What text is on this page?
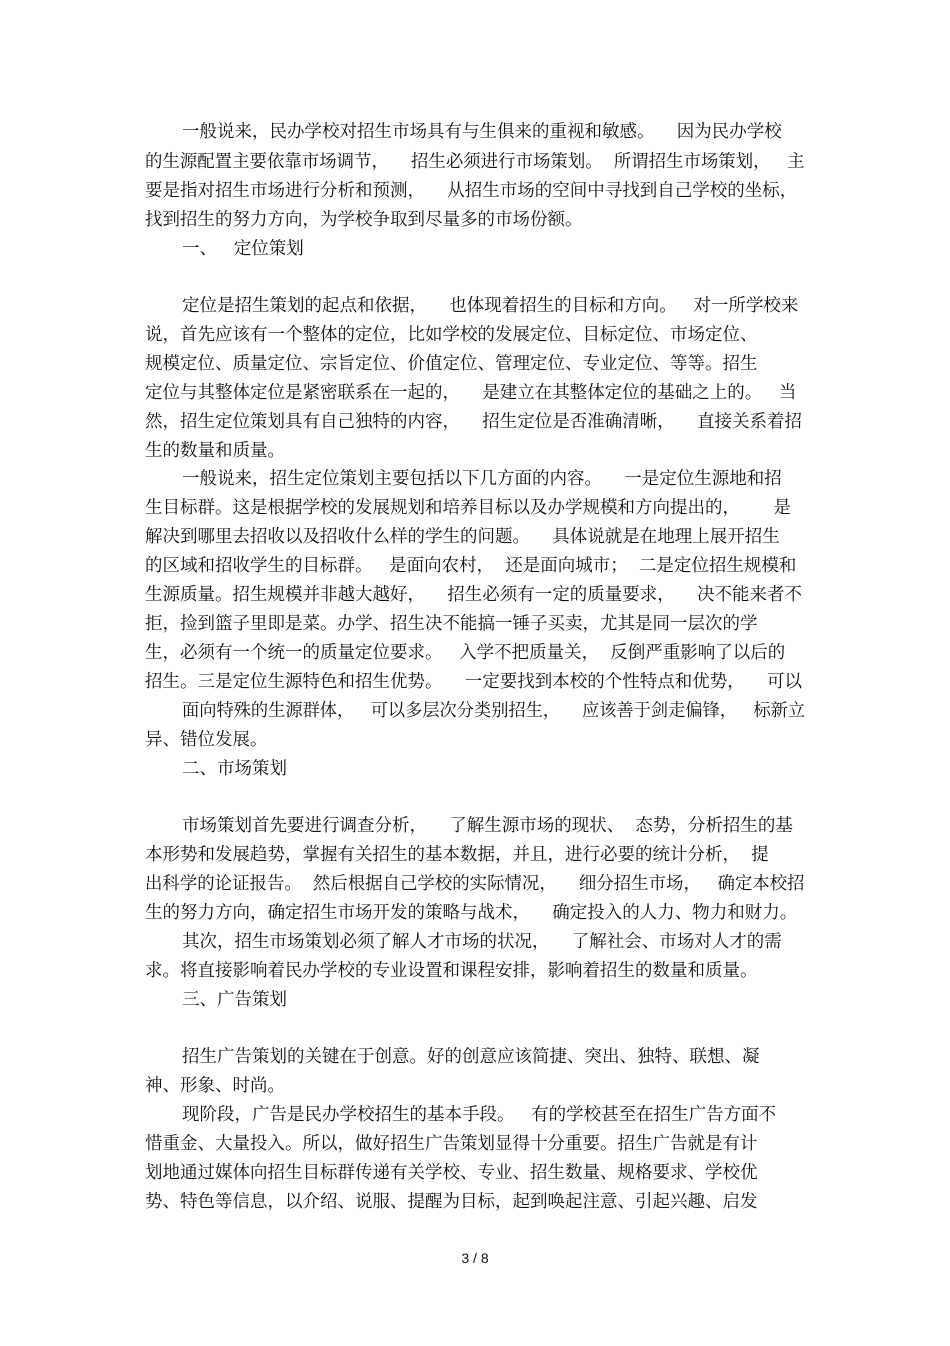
一般说来，民办学校对招生市场具有与生俱来的重视和敏感。    因为民办学校

的生源配置主要依靠市场调节，    招生必须进行市场策划。  所谓招生市场策划，   主

要是指对招生市场进行分析和预测，    从招生市场的空间中寻找到自己学校的坐标，

找到招生的努力方向，为学校争取到尽量多的市场份额。

一、   定位策划

定位是招生策划的起点和依据，    也体现着招生的目标和方向。   对一所学校来

说，首先应该有一个整体的定位，比如学校的发展定位、目标定位、市场定位、

规模定位、质量定位、宗旨定位、价值定位、管理定位、专业定位、等等。招生

定位与其整体定位是紧密联系在一起的，    是建立在其整体定位的基础之上的。   当

然，招生定位策划具有自己独特的内容，    招生定位是否准确清晰，    直接关系着招

生的数量和质量。

一般说来，招生定位策划主要包括以下几方面的内容。    一是定位生源地和招

生目标群。这是根据学校的发展规划和培养目标以及办学规模和方向提出的，      是

解决到哪里去招收以及招收什么样的学生的问题。    具体说就是在地理上展开招生

的区域和招收学生的目标群。   是面向农村，  还是面向城市；  二是定位招生规模和

生源质量。招生规模并非越大越好，    招生必须有一定的质量要求，    决不能来者不

拒，捡到篮子里即是菜。办学、招生决不能搞一锤子买卖，尤其是同一层次的学

生，必须有一个统一的质量定位要求。   入学不把质量关，  反倒严重影响了以后的

招生。三是定位生源特色和招生优势。    一定要找到本校的个性特点和优势，    可以

面向特殊的生源群体，   可以多层次分类别招生，    应该善于剑走偏锋，   标新立

异、错位发展。

二、市场策划

市场策划首先要进行调查分析，    了解生源市场的现状、  态势，分析招生的基

本形势和发展趋势，掌握有关招生的基本数据，并且，进行必要的统计分析，  提

出科学的论证报告。  然后根据自己学校的实际情况，    细分招生市场，   确定本校招

生的努力方向，确定招生市场开发的策略与战术，    确定投入的人力、物力和财力。

其次，招生市场策划必须了解人才市场的状况，    了解社会、市场对人才的需

求。将直接影响着民办学校的专业设置和课程安排，影响着招生的数量和质量。

三、广告策划

招生广告策划的关键在于创意。好的创意应该简捷、突出、独特、联想、凝

神、形象、时尚。

现阶段，广告是民办学校招生的基本手段。   有的学校甚至在招生广告方面不

惜重金、大量投入。所以，做好招生广告策划显得十分重要。招生广告就是有计

划地通过媒体向招生目标群传递有关学校、专业、招生数量、规格要求、学校优

势、特色等信息，以介绍、说服、提醒为目标，起到唤起注意、引起兴趣、启发

3 / 8
